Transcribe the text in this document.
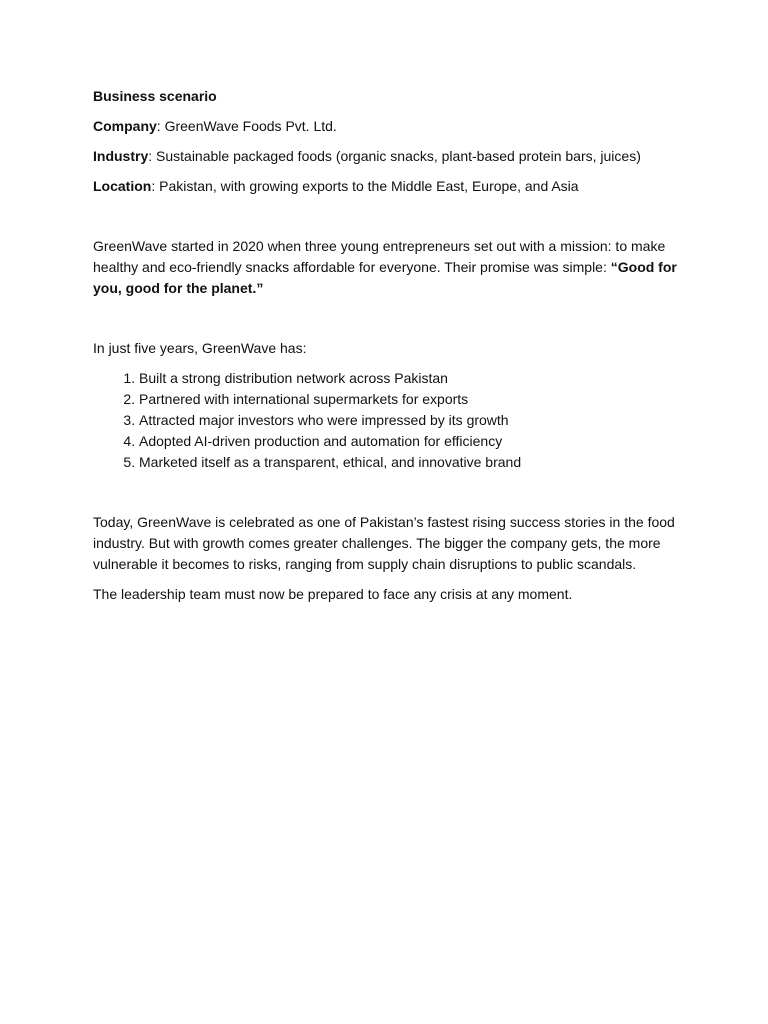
Business scenario

Company: GreenWave Foods Pvt. Ltd.

Industry: Sustainable packaged foods (organic snacks, plant-based protein bars, juices)

Location: Pakistan, with growing exports to the Middle East, Europe, and Asia

GreenWave started in 2020 when three young entrepreneurs set out with a mission: to make healthy and eco-friendly snacks affordable for everyone. Their promise was simple: “Good for you, good for the planet.”

In just five years, GreenWave has:

1. Built a strong distribution network across Pakistan
2. Partnered with international supermarkets for exports
3. Attracted major investors who were impressed by its growth
4. Adopted AI-driven production and automation for efficiency
5. Marketed itself as a transparent, ethical, and innovative brand

Today, GreenWave is celebrated as one of Pakistan’s fastest rising success stories in the food industry. But with growth comes greater challenges. The bigger the company gets, the more vulnerable it becomes to risks, ranging from supply chain disruptions to public scandals.

The leadership team must now be prepared to face any crisis at any moment.
